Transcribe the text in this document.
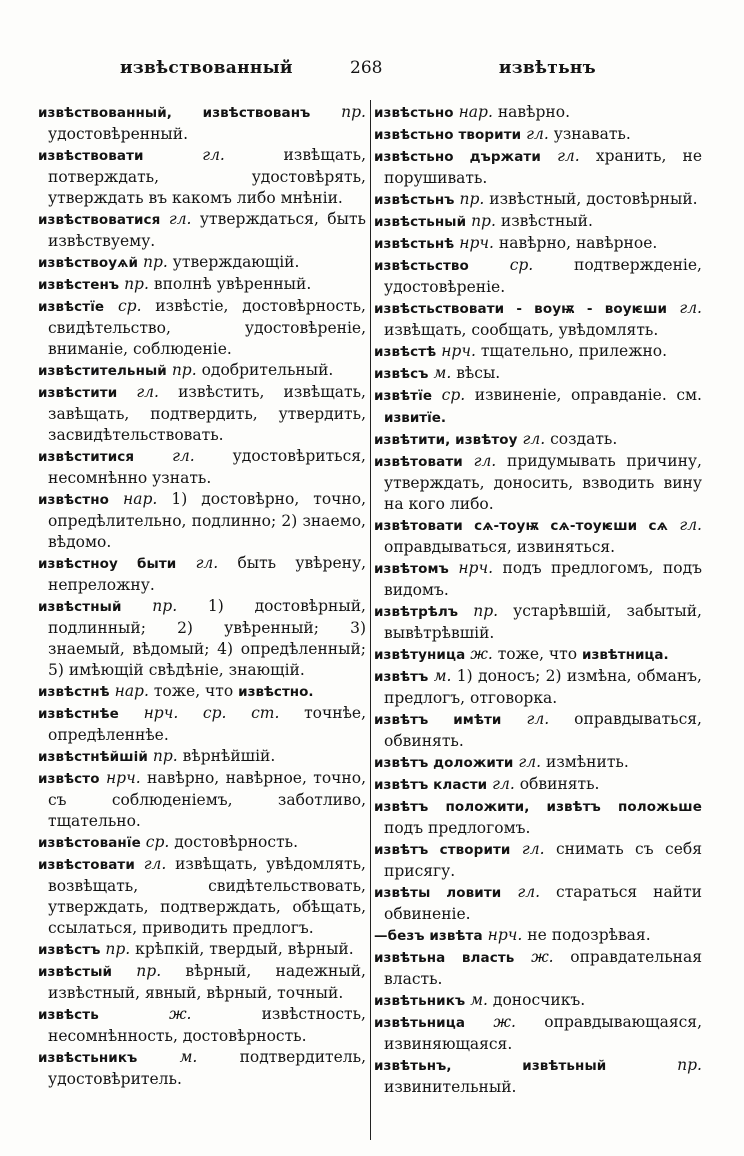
извѣствованный	268	извѣтьнъ
извѣствованный, извѣствованъ пр. удостовѣренный.
извѣствовати	гл.	извѣщать, потверждать, удостовѣрять, утверждать въ какомъ либо мнѣніи.
извѣствоватися гл. утверждаться, быть извѣствуему.
извѣствоуѧй пр. утверждающій.
извѣстенъ пр. вполнѣ увѣренный.
извѣстїе ср. извѣстіе, достовѣрность, свидѣтельство, удостовѣреніе, вниманіе, соблюденіе.
извѣстительный пр. одобрительный.
извѣстити гл. извѣстить, извѣщать, завѣщать, подтвердить, утвердить, засвидѣтельствовать.
извѣститися гл. удостовѣриться, несомнѣнно узнать.
извѣстно нар. 1) достовѣрно, точно, опредѣлительно, подлинно; 2) знаемо, вѣдомо.
извѣстноу быти гл. быть увѣрену, непреложну.
извѣстный пр. 1) достовѣрный, подлинный; 2) увѣренный; 3) знаемый, вѣдомый; 4) опредѣленный; 5) имѣющій свѣдѣніе, знающій.
извѣстнѣ нар. тоже, что извѣстно.
извѣстнѣе нрч. ср. ст. точнѣе, опредѣленнѣе.
извѣстнѣйшій пр. вѣрнѣйшій.
извѣсто нрч. навѣрно, навѣрное, точно, съ соблюденіемъ, заботливо, тщательно.
извѣстованїе ср. достовѣрность.
извѣстовати гл. извѣщать, увѣдомлять, возвѣщать, свидѣтельствовать, утверждать, подтверждать, обѣщать, ссылаться, приводить предлогъ.
извѣстъ пр. крѣпкій, твердый, вѣрный.
извѣстый пр. вѣрный, надежный, извѣстный, явный, вѣрный, точный.
извѣсть	ж.	извѣстность, несомнѣнность, достовѣрность.
извѣстьникъ	м.	подтвердитель, удостовѣритель.
извѣстьно нар. навѣрно.
извѣстьно творити гл. узнавать.
извѣстьно държати гл. хранить, не порушивать.
извѣстьнъ пр. извѣстный, достовѣрный.
извѣстьный пр. извѣстный.
извѣстьнѣ нрч. навѣрно, навѣрное.
извѣстьство	ср.	подтвержденіе, удостовѣреніе.
извѣстьствовати - воуѭ - воуѥши гл. извѣщать, сообщать, увѣдомлять.
извѣстѣ нрч. тщательно, прилежно.
извѣсъ м. вѣсы.
извѣтїе ср. извиненіе, оправданіе. см. извитїе.
извѣтити, извѣтоу гл. создать.
извѣтовати гл. придумывать причину, утверждать, доносить, взводить вину на кого либо.
извѣтовати сѧ-тоуѭ сѧ-тоуѥши сѧ гл. оправдываться, извиняться.
извѣтомъ нрч. подъ предлогомъ, подъ видомъ.
извѣтрѣлъ пр. устарѣвшій, забытый, вывѣтрѣвшій.
извѣтуница ж. тоже, что извѣтница.
извѣтъ м. 1) доносъ; 2) измѣна, обманъ, предлогъ, отговорка.
извѣтъ имѣти гл. оправдываться, обвинять.
извѣтъ доложити гл. измѣнить.
извѣтъ класти гл. обвинять.
извѣтъ положити, извѣтъ положьше подъ предлогомъ.
извѣтъ створити гл. снимать съ себя присягу.
извѣты ловити гл. стараться найти обвиненіе.
—безъ извѣта нрч. не подозрѣвая.
извѣтьна власть ж. оправдательная власть.
извѣтьникъ м. доносчикъ.
извѣтьница ж. оправдывающаяся, извиняющаяся.
извѣтьнъ, извѣтьный	пр. извинительный.
